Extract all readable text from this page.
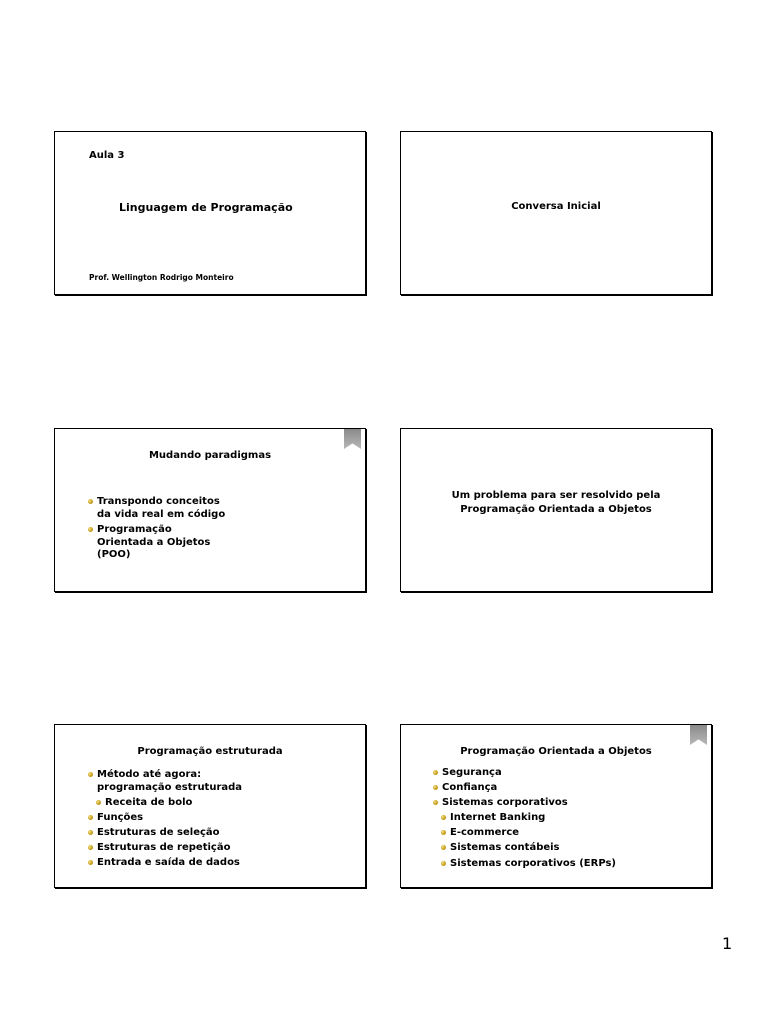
Aula 3
Linguagem de Programação
Prof. Wellington Rodrigo Monteiro
Conversa Inicial
Mudando paradigmas
Transpondo conceitos da vida real em código
Programação Orientada a Objetos (POO)
Um problema para ser resolvido pela
Programação Orientada a Objetos
Programação estruturada
Método até agora: programação estruturada
Receita de bolo
Funções
Estruturas de seleção
Estruturas de repetição
Entrada e saída de dados
Programação Orientada a Objetos
Segurança
Confiança
Sistemas corporativos
Internet Banking
E-commerce
Sistemas contábeis
Sistemas corporativos (ERPs)
1
